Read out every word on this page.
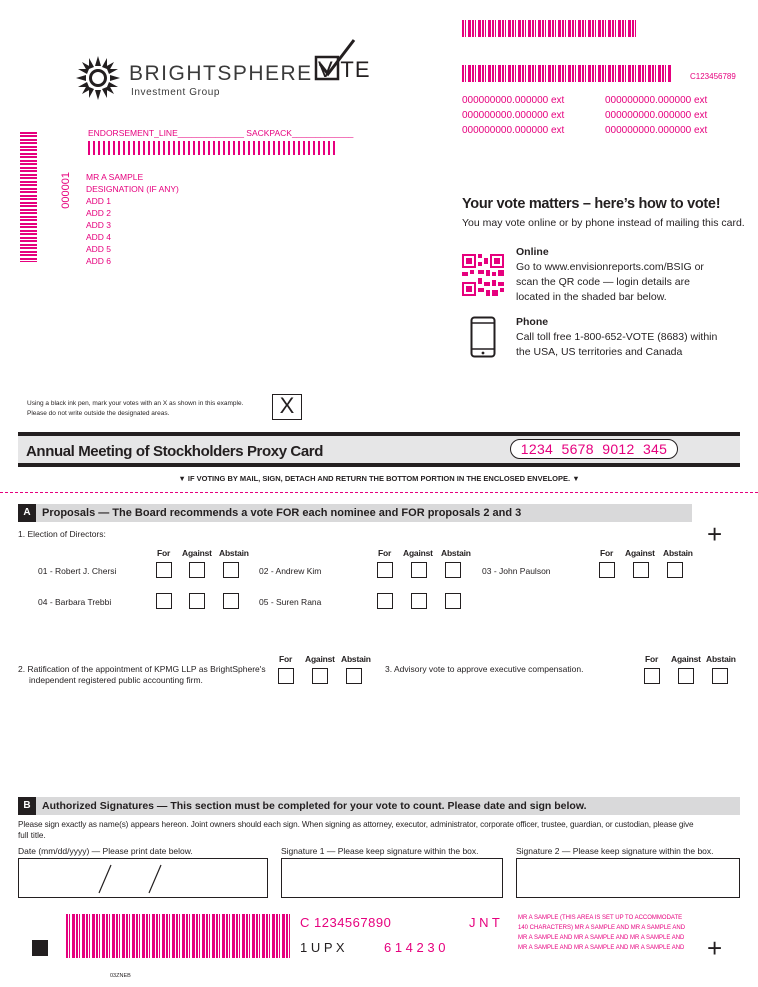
BRIGHTSPHERE
Investment Group
V TE	C123456789
000000000.000000 ext	000000000.000000 ext
000000000.000000 ext	000000000.000000 ext
000000000.000000 ext	000000000.000000 ext
ENDORSEMENT_LINE______________ SACKPACK_____________
000001 MR A SAMPLE
DESIGNATION (IF ANY)
ADD 1
ADD 2
ADD 3
ADD 4
ADD 5
ADD 6
Your vote matters – here’s how to vote!
You may vote online or by phone instead of mailing this card.
Online
Go to www.envisionreports.com/BSIG or
scan the QR code — login details are
located in the shaded bar below.
Phone
Call toll free 1-800-652-VOTE (8683) within
the USA, US territories and Canada
Using a black ink pen, mark your votes with an X as shown in this example.
Please do not write outside the designated areas.	X
Annual Meeting of Stockholders Proxy Card	1234  5678  9012  345
▼ IF VOTING BY MAIL, SIGN, DETACH AND RETURN THE BOTTOM PORTION IN THE ENCLOSED ENVELOPE. ▼
A	Proposals — The Board recommends a vote FOR each nominee and FOR proposals 2 and 3
+
1. Election of Directors:
For Against Abstain	For Against Abstain	For Against Abstain
01 - Robert J. Chersi	02 - Andrew Kim	03 - John Paulson
04 - Barbara Trebbi	05 - Suren Rana
2. Ratification of the appointment of KPMG LLP as BrightSphere's
independent registered public accounting firm.
For Against Abstain
3. Advisory vote to approve executive compensation.
For Against Abstain
B	Authorized Signatures — This section must be completed for your vote to count. Please date and sign below.
Please sign exactly as name(s) appears hereon. Joint owners should each sign. When signing as attorney, executor, administrator, corporate officer, trustee, guardian, or custodian, please give
full title.
Date (mm/dd/yyyy) — Please print date below.	Signature 1 — Please keep signature within the box.	Signature 2 — Please keep signature within the box.
C 1234567890	J N T
1 U P X	6 1 4 2 3 0
MR A SAMPLE (THIS AREA IS SET UP TO ACCOMMODATE
140 CHARACTERS) MR A SAMPLE AND MR A SAMPLE AND
MR A SAMPLE AND MR A SAMPLE AND MR A SAMPLE AND
MR A SAMPLE AND MR A SAMPLE AND MR A SAMPLE AND +
03ZNEB
